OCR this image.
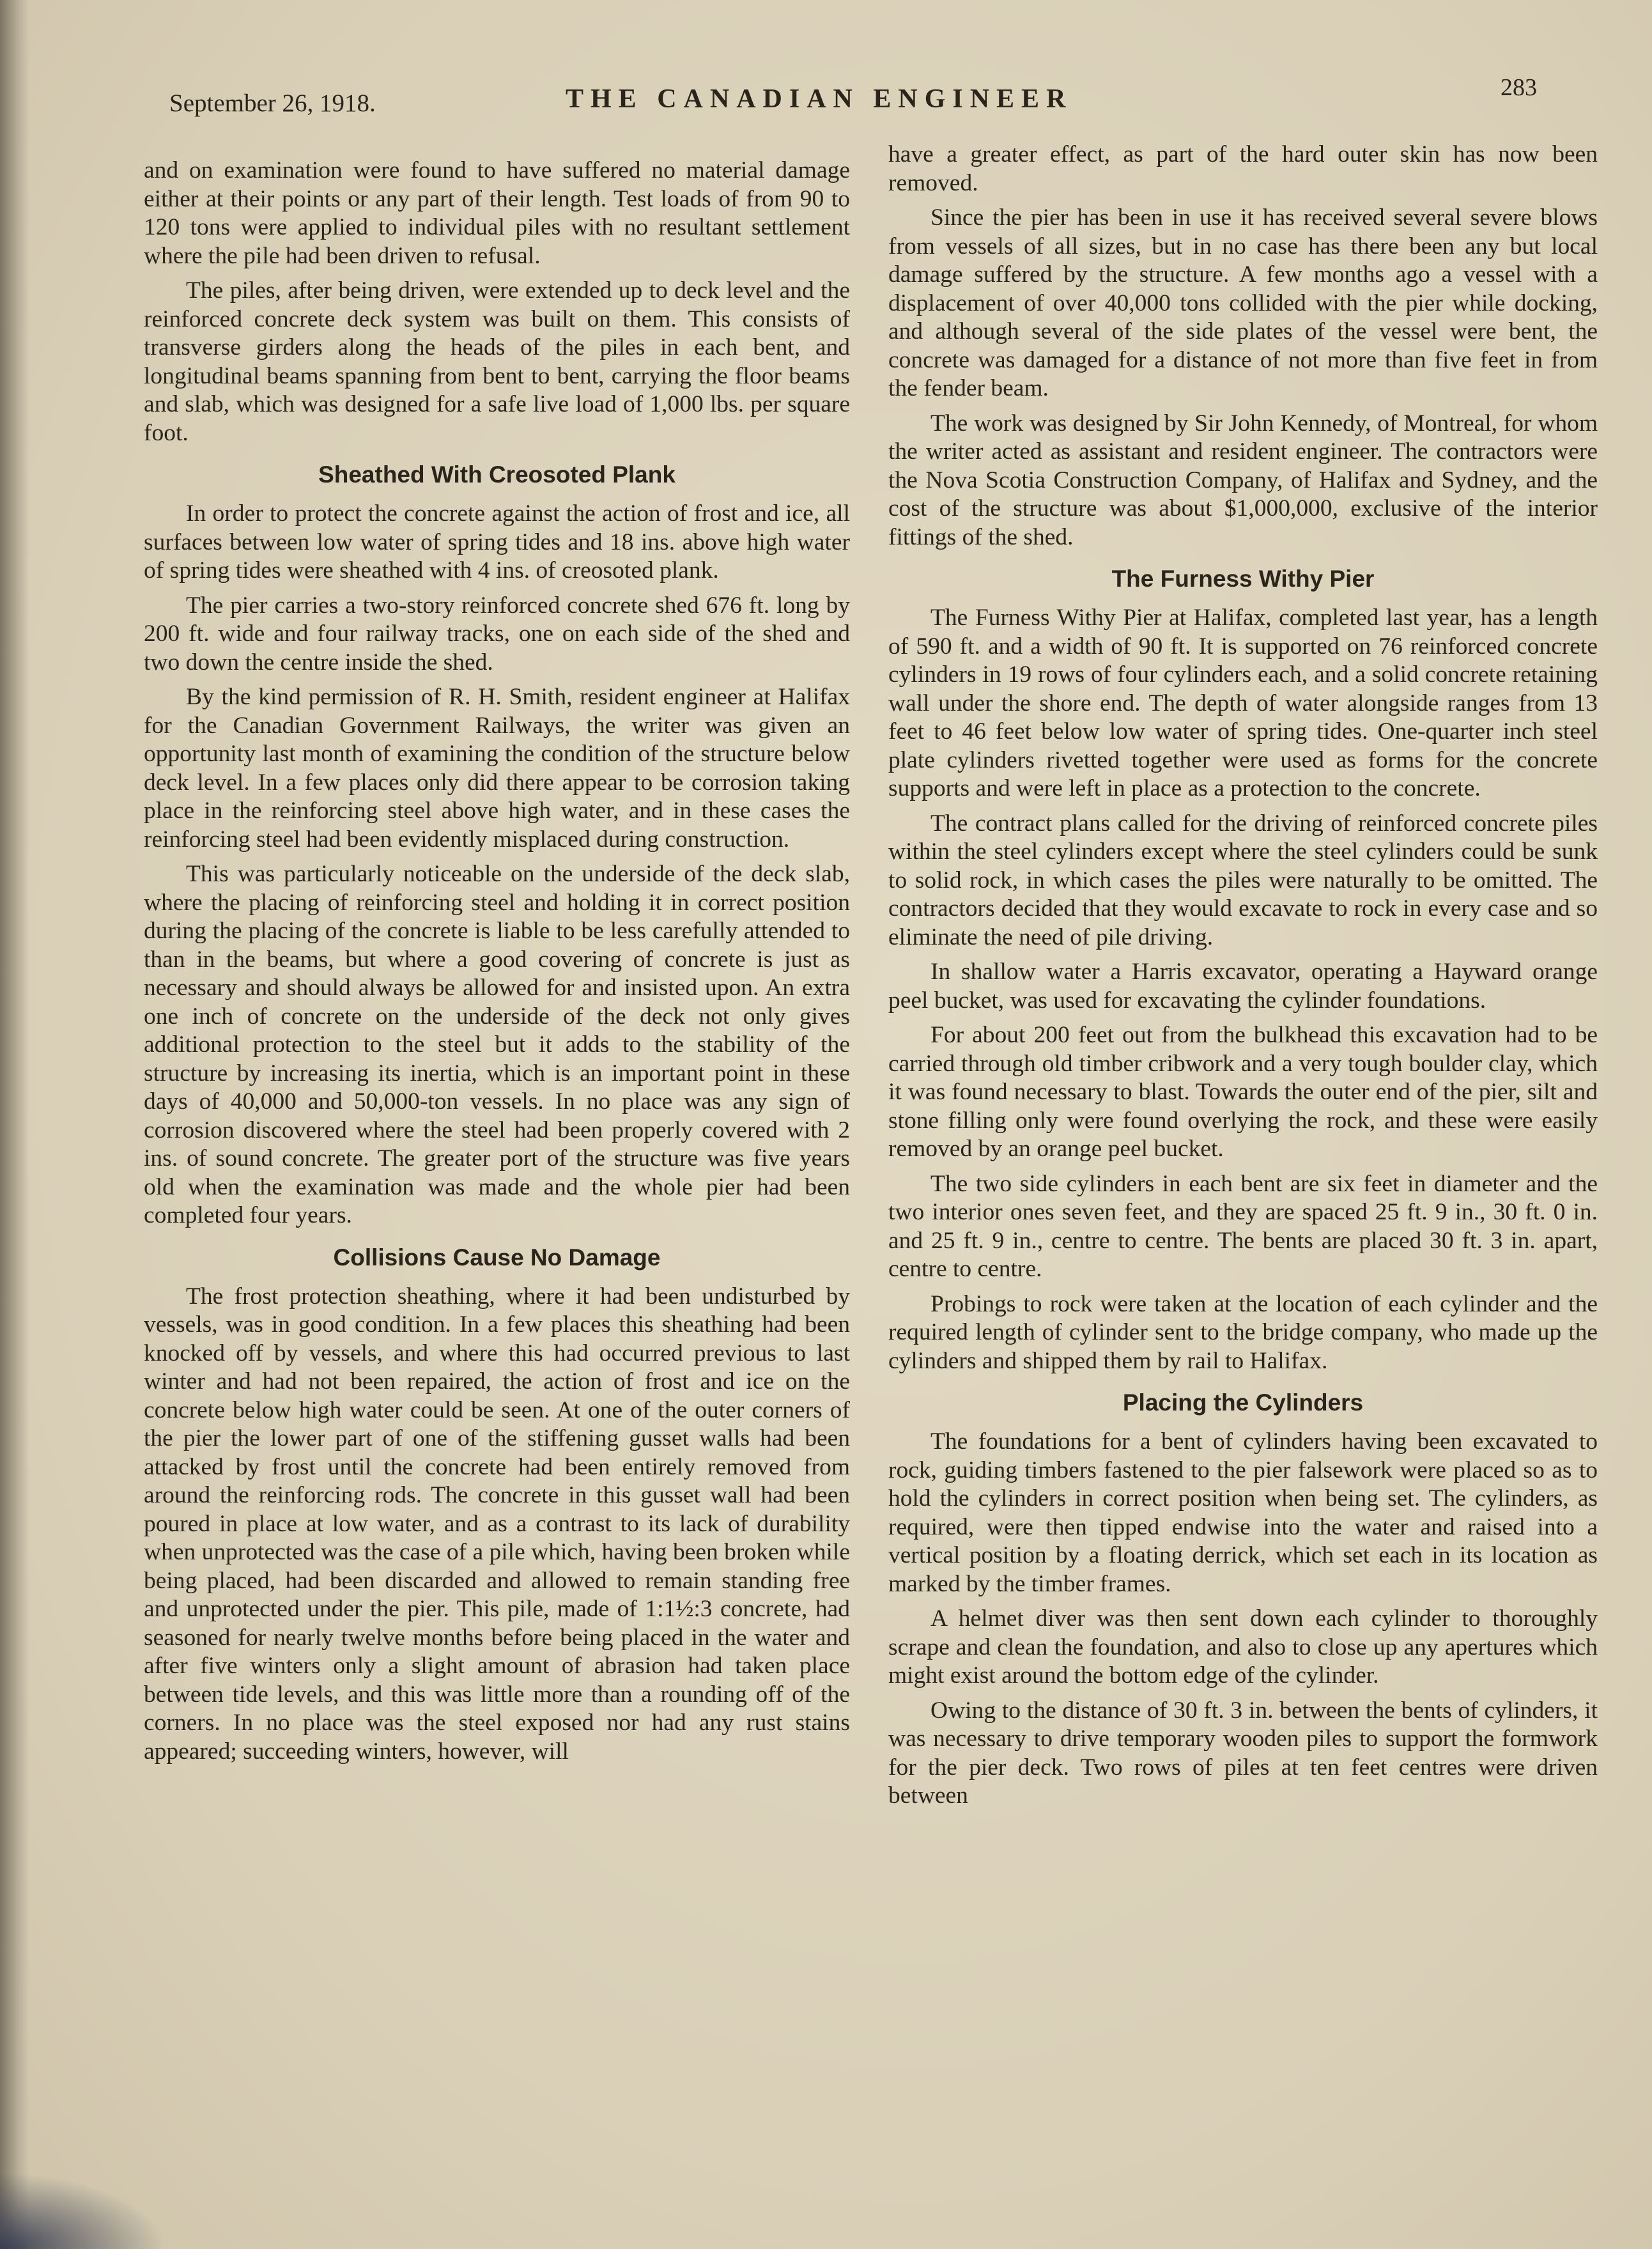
September 26, 1918.	THE CANADIAN ENGINEER	283

and on examination were found to have suffered no material damage either at their points or any part of their length. Test loads of from 90 to 120 tons were applied to individual piles with no resultant settlement where the pile had been driven to refusal.

The piles, after being driven, were extended up to deck level and the reinforced concrete deck system was built on them. This consists of transverse girders along the heads of the piles in each bent, and longitudinal beams spanning from bent to bent, carrying the floor beams and slab, which was designed for a safe live load of 1,000 lbs. per square foot.

Sheathed With Creosoted Plank

In order to protect the concrete against the action of frost and ice, all surfaces between low water of spring tides and 18 ins. above high water of spring tides were sheathed with 4 ins. of creosoted plank.

The pier carries a two-story reinforced concrete shed 676 ft. long by 200 ft. wide and four railway tracks, one on each side of the shed and two down the centre inside the shed.

By the kind permission of R. H. Smith, resident engineer at Halifax for the Canadian Government Railways, the writer was given an opportunity last month of examining the condition of the structure below deck level. In a few places only did there appear to be corrosion taking place in the reinforcing steel above high water, and in these cases the reinforcing steel had been evidently misplaced during construction.

This was particularly noticeable on the underside of the deck slab, where the placing of reinforcing steel and holding it in correct position during the placing of the concrete is liable to be less carefully attended to than in the beams, but where a good covering of concrete is just as necessary and should always be allowed for and insisted upon. An extra one inch of concrete on the underside of the deck not only gives additional protection to the steel but it adds to the stability of the structure by increasing its inertia, which is an important point in these days of 40,000 and 50,000-ton vessels. In no place was any sign of corrosion discovered where the steel had been properly covered with 2 ins. of sound concrete. The greater port of the structure was five years old when the examination was made and the whole pier had been completed four years.

Collisions Cause No Damage

The frost protection sheathing, where it had been undisturbed by vessels, was in good condition. In a few places this sheathing had been knocked off by vessels, and where this had occurred previous to last winter and had not been repaired, the action of frost and ice on the concrete below high water could be seen. At one of the outer corners of the pier the lower part of one of the stiffening gusset walls had been attacked by frost until the concrete had been entirely removed from around the reinforcing rods. The concrete in this gusset wall had been poured in place at low water, and as a contrast to its lack of durability when unprotected was the case of a pile which, having been broken while being placed, had been discarded and allowed to remain standing free and unprotected under the pier. This pile, made of 1:1½:3 concrete, had seasoned for nearly twelve months before being placed in the water and after five winters only a slight amount of abrasion had taken place between tide levels, and this was little more than a rounding off of the corners. In no place was the steel exposed nor had any rust stains appeared; succeeding winters, however, will

have a greater effect, as part of the hard outer skin has now been removed.

Since the pier has been in use it has received several severe blows from vessels of all sizes, but in no case has there been any but local damage suffered by the structure. A few months ago a vessel with a displacement of over 40,000 tons collided with the pier while docking, and although several of the side plates of the vessel were bent, the concrete was damaged for a distance of not more than five feet in from the fender beam.

The work was designed by Sir John Kennedy, of Montreal, for whom the writer acted as assistant and resident engineer. The contractors were the Nova Scotia Construction Company, of Halifax and Sydney, and the cost of the structure was about $1,000,000, exclusive of the interior fittings of the shed.

The Furness Withy Pier

The Furness Withy Pier at Halifax, completed last year, has a length of 590 ft. and a width of 90 ft. It is supported on 76 reinforced concrete cylinders in 19 rows of four cylinders each, and a solid concrete retaining wall under the shore end. The depth of water alongside ranges from 13 feet to 46 feet below low water of spring tides. One-quarter inch steel plate cylinders rivetted together were used as forms for the concrete supports and were left in place as a protection to the concrete.

The contract plans called for the driving of reinforced concrete piles within the steel cylinders except where the steel cylinders could be sunk to solid rock, in which cases the piles were naturally to be omitted. The contractors decided that they would excavate to rock in every case and so eliminate the need of pile driving.

In shallow water a Harris excavator, operating a Hayward orange peel bucket, was used for excavating the cylinder foundations.

For about 200 feet out from the bulkhead this excavation had to be carried through old timber cribwork and a very tough boulder clay, which it was found necessary to blast. Towards the outer end of the pier, silt and stone filling only were found overlying the rock, and these were easily removed by an orange peel bucket.

The two side cylinders in each bent are six feet in diameter and the two interior ones seven feet, and they are spaced 25 ft. 9 in., 30 ft. 0 in. and 25 ft. 9 in., centre to centre. The bents are placed 30 ft. 3 in. apart, centre to centre.

Probings to rock were taken at the location of each cylinder and the required length of cylinder sent to the bridge company, who made up the cylinders and shipped them by rail to Halifax.

Placing the Cylinders

The foundations for a bent of cylinders having been excavated to rock, guiding timbers fastened to the pier falsework were placed so as to hold the cylinders in correct position when being set. The cylinders, as required, were then tipped endwise into the water and raised into a vertical position by a floating derrick, which set each in its location as marked by the timber frames.

A helmet diver was then sent down each cylinder to thoroughly scrape and clean the foundation, and also to close up any apertures which might exist around the bottom edge of the cylinder.

Owing to the distance of 30 ft. 3 in. between the bents of cylinders, it was necessary to drive temporary wooden piles to support the formwork for the pier deck. Two rows of piles at ten feet centres were driven between
